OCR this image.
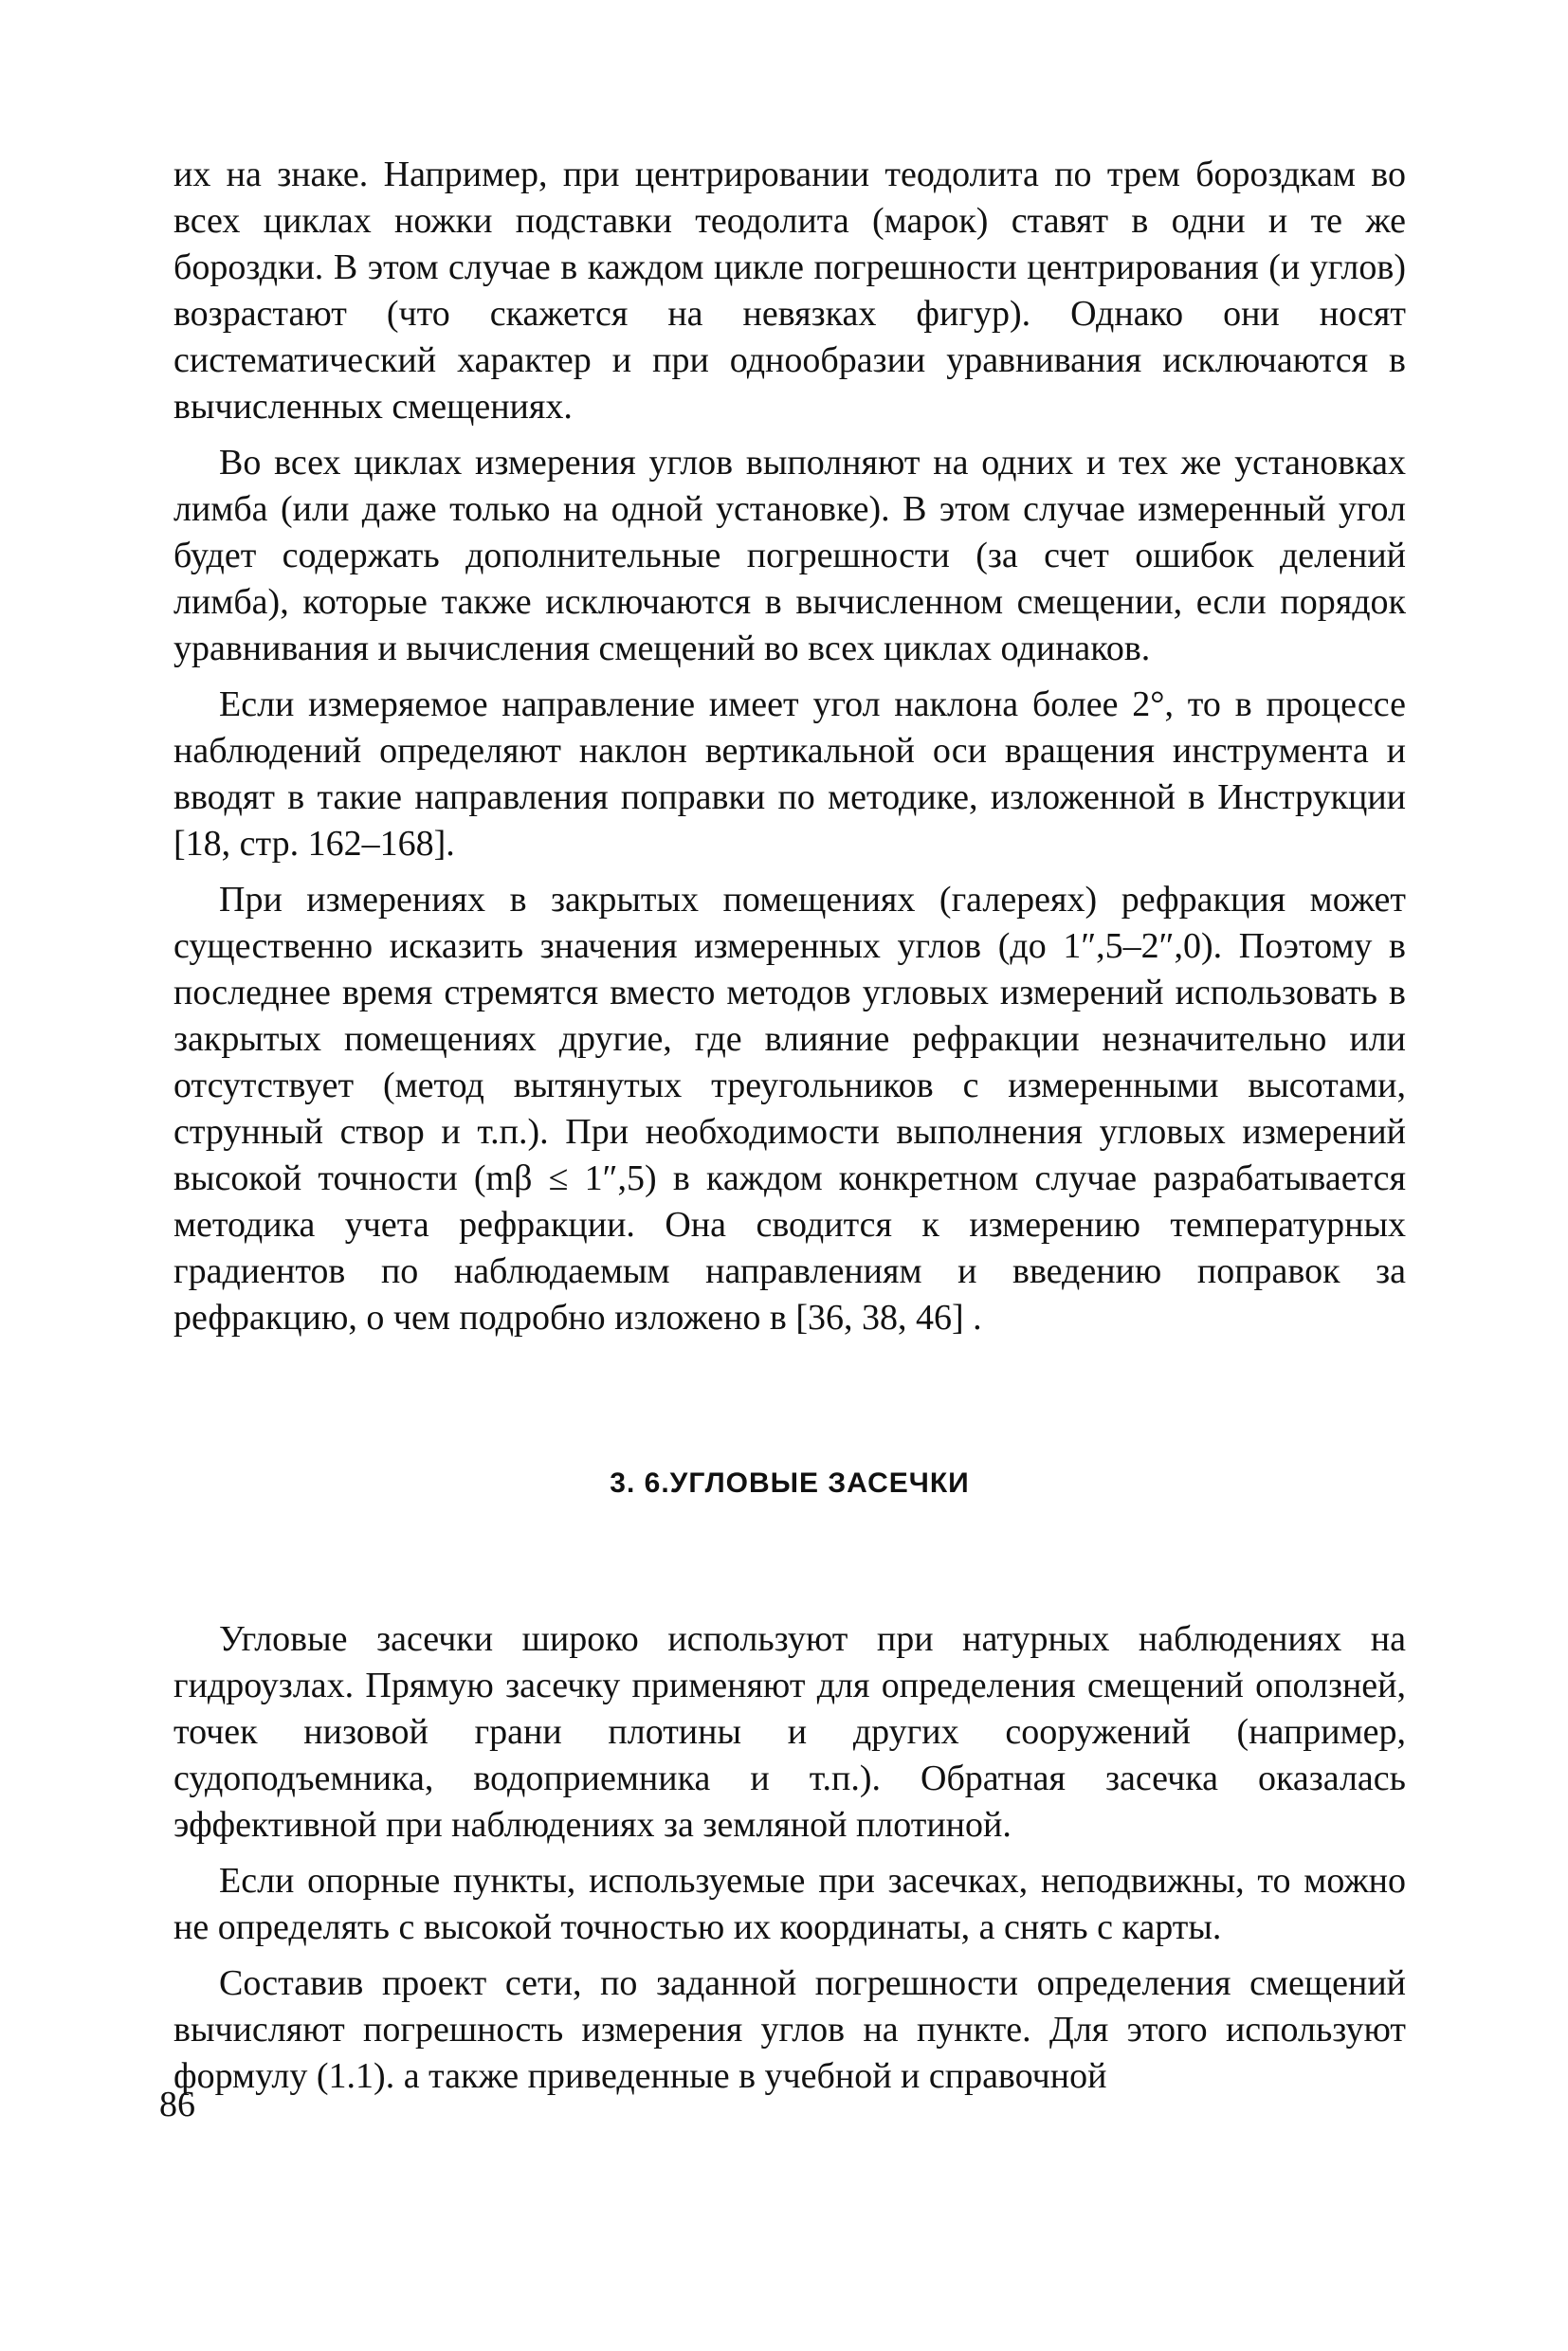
их на знаке. Например, при центрировании теодолита по трем бороздкам во всех циклах ножки подставки теодолита (марок) ставят в одни и те же бороздки. В этом случае в каждом цикле погрешности центрирования (и углов) возрастают (что скажется на невязках фигур). Однако они носят систематический характер и при однообразии уравнивания исключаются в вычисленных смещениях.

Во всех циклах измерения углов выполняют на одних и тех же установках лимба (или даже только на одной установке). В этом случае измеренный угол будет содержать дополнительные погрешности (за счет ошибок делений лимба), которые также исключаются в вычисленном смещении, если порядок уравнивания и вычисления смещений во всех циклах одинаков.

Если измеряемое направление имеет угол наклона более 2°, то в процессе наблюдений определяют наклон вертикальной оси вращения инструмента и вводят в такие направления поправки по методике, изложенной в Инструкции [18, стр. 162–168].

При измерениях в закрытых помещениях (галереях) рефракция может существенно исказить значения измеренных углов (до 1″,5–2″,0). Поэтому в последнее время стремятся вместо методов угловых измерений использовать в закрытых помещениях другие, где влияние рефракции незначительно или отсутствует (метод вытянутых треугольников с измеренными высотами, струнный створ и т.п.). При необходимости выполнения угловых измерений высокой точности (mβ ≤ 1″,5) в каждом конкретном случае разрабатывается методика учета рефракции. Она сводится к измерению температурных градиентов по наблюдаемым направлениям и введению поправок за рефракцию, о чем подробно изложено в [36, 38, 46] .

3. 6.УГЛОВЫЕ ЗАСЕЧКИ

Угловые засечки широко используют при натурных наблюдениях на гидроузлах. Прямую засечку применяют для определения смещений оползней, точек низовой грани плотины и других сооружений (например, судоподъемника, водоприемника и т.п.). Обратная засечка оказалась эффективной при наблюдениях за земляной плотиной.

Если опорные пункты, используемые при засечках, неподвижны, то можно не определять с высокой точностью их координаты, а снять с карты.

Составив проект сети, по заданной погрешности определения смещений вычисляют погрешность измерения углов на пункте. Для этого используют формулу (1.1). а также приведенные в учебной и справочной

86
